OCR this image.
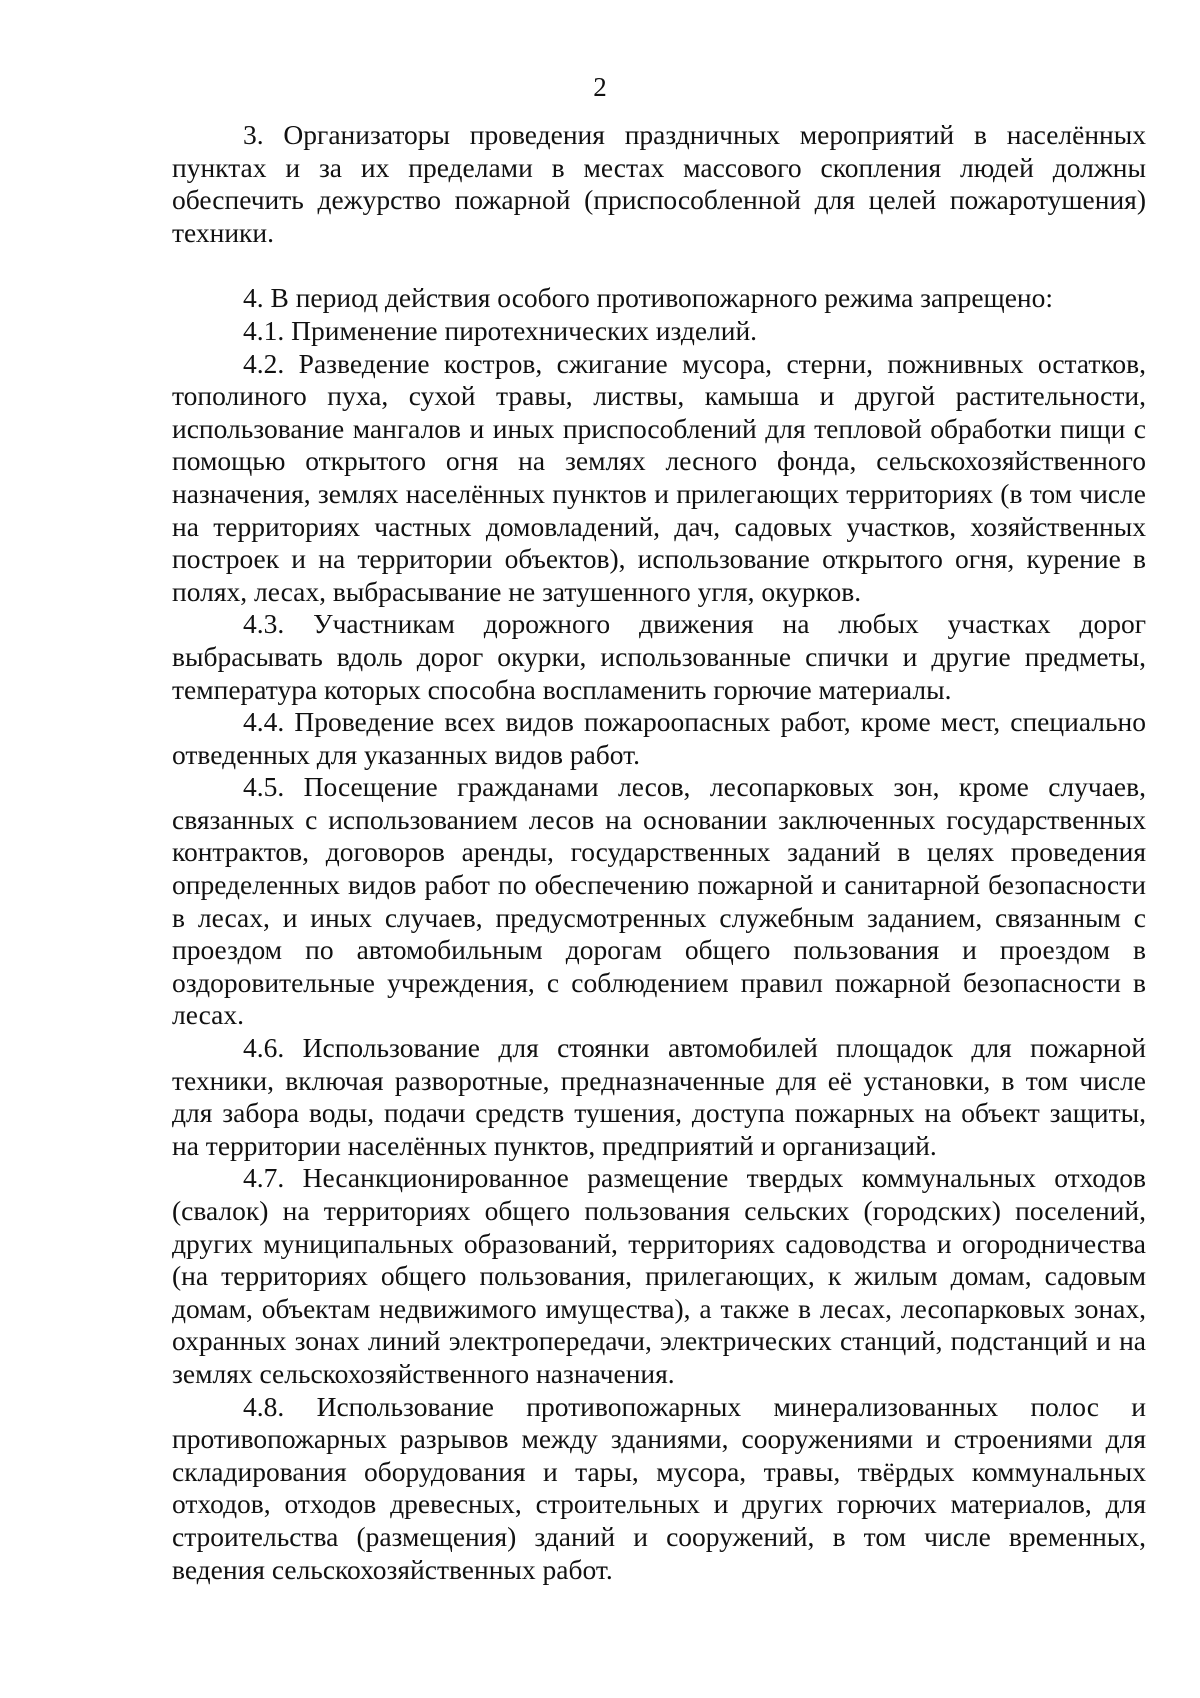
2

3. Организаторы проведения праздничных мероприятий в населённых пунктах и за их пределами в местах массового скопления людей должны обеспечить дежурство пожарной (приспособленной для целей пожаротушения) техники.

4. В период действия особого противопожарного режима запрещено:

4.1. Применение пиротехнических изделий.

4.2. Разведение костров, сжигание мусора, стерни, пожнивных остатков, тополиного пуха, сухой травы, листвы, камыша и другой растительности, использование мангалов и иных приспособлений для тепловой обработки пищи с помощью открытого огня на землях лесного фонда, сельскохозяйственного назначения, землях населённых пунктов и прилегающих территориях (в том числе на территориях частных домовладений, дач, садовых участков, хозяйственных построек и на территории объектов), использование открытого огня, курение в полях, лесах, выбрасывание не затушенного угля, окурков.

4.3. Участникам дорожного движения на любых участках дорог выбрасывать вдоль дорог окурки, использованные спички и другие предметы, температура которых способна воспламенить горючие материалы.

4.4. Проведение всех видов пожароопасных работ, кроме мест, специально отведенных для указанных видов работ.

4.5. Посещение гражданами лесов, лесопарковых зон, кроме случаев, связанных с использованием лесов на основании заключенных государственных контрактов, договоров аренды, государственных заданий в целях проведения определенных видов работ по обеспечению пожарной и санитарной безопасности в лесах, и иных случаев, предусмотренных служебным заданием, связанным с проездом по автомобильным дорогам общего пользования и проездом в оздоровительные учреждения, с соблюдением правил пожарной безопасности в лесах.

4.6. Использование для стоянки автомобилей площадок для пожарной техники, включая разворотные, предназначенные для её установки, в том числе для забора воды, подачи средств тушения, доступа пожарных на объект защиты, на территории населённых пунктов, предприятий и организаций.

4.7. Несанкционированное размещение твердых коммунальных отходов (свалок) на территориях общего пользования сельских (городских) поселений, других муниципальных образований, территориях садоводства и огородничества (на территориях общего пользования, прилегающих, к жилым домам, садовым домам, объектам недвижимого имущества), а также в лесах, лесопарковых зонах, охранных зонах линий электропередачи, электрических станций, подстанций и на землях сельскохозяйственного назначения.

4.8. Использование противопожарных минерализованных полос и противопожарных разрывов между зданиями, сооружениями и строениями для складирования оборудования и тары, мусора, травы, твёрдых коммунальных отходов, отходов древесных, строительных и других горючих материалов, для строительства (размещения) зданий и сооружений, в том числе временных, ведения сельскохозяйственных работ.
